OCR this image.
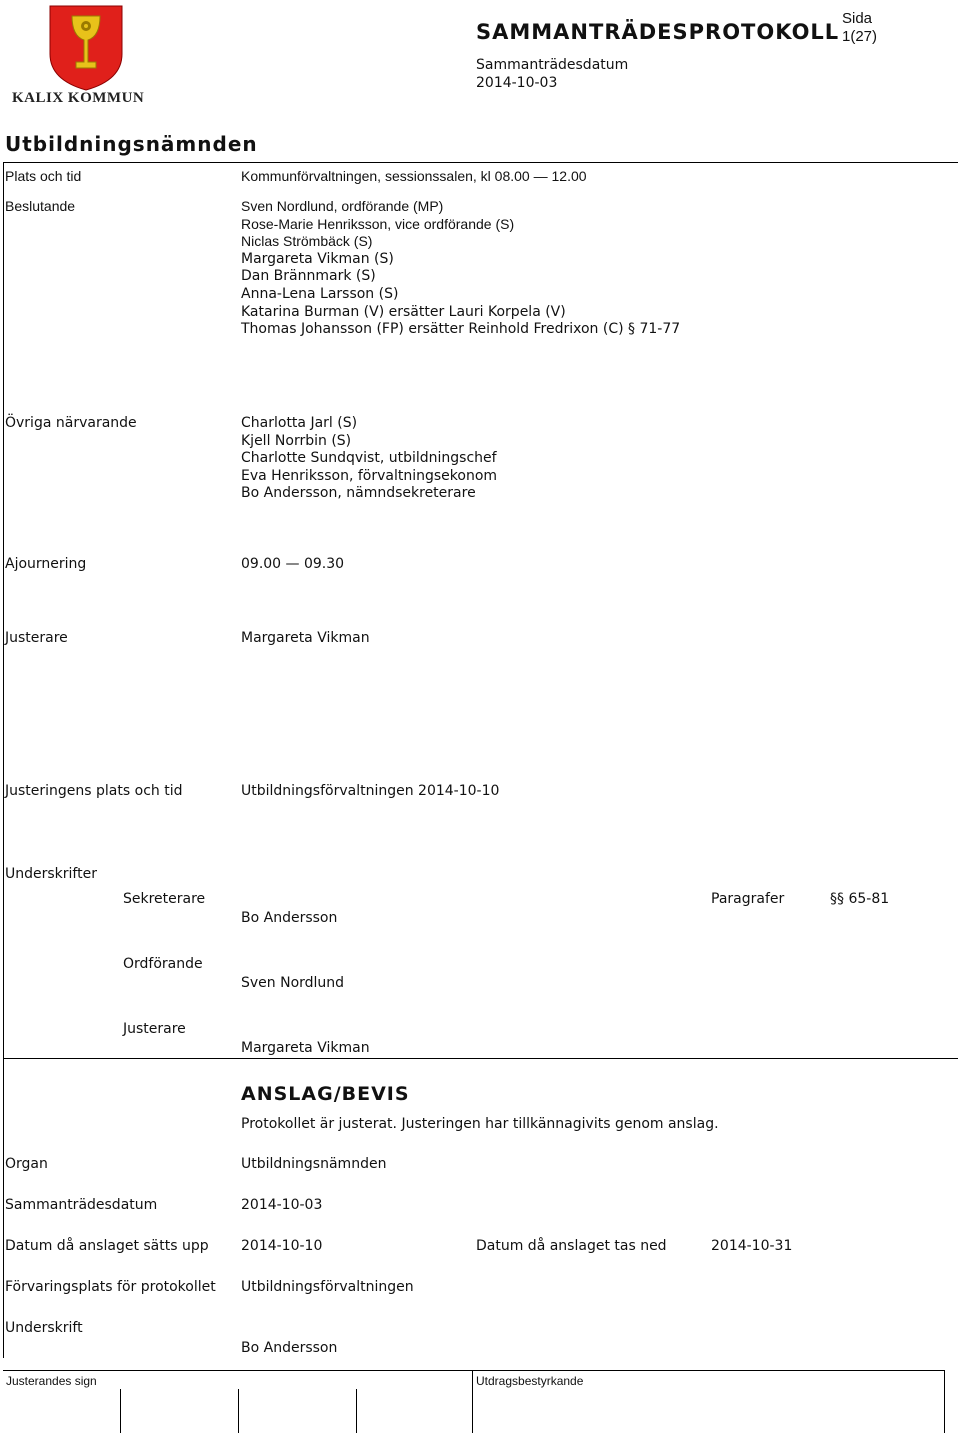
KALIX KOMMUN
SAMMANTRÄDESPROTOKOLL
Sammanträdesdatum
2014-10-03
Sida
1(27)
Utbildningsnämnden
Plats och tid	Kommunförvaltningen, sessionssalen, kl 08.00 — 12.00
Beslutande	Sven Nordlund, ordförande (MP)
Rose-Marie Henriksson, vice ordförande (S)
Niclas Strömbäck (S)
Margareta Vikman (S)
Dan Brännmark (S)
Anna-Lena Larsson (S)
Katarina Burman (V) ersätter Lauri Korpela (V)
Thomas Johansson (FP) ersätter Reinhold Fredrixon (C) § 71-77
Övriga närvarande	Charlotta Jarl (S)
Kjell Norrbin (S)
Charlotte Sundqvist, utbildningschef
Eva Henriksson, förvaltningsekonom
Bo Andersson, nämndsekreterare
Ajournering	09.00 — 09.30
Justerare	Margareta Vikman
Justeringens plats och tid	Utbildningsförvaltningen 2014-10-10
Underskrifter
Sekreterare
Bo Andersson
Paragrafer	§§ 65-81
Ordförande
Sven Nordlund
Justerare
Margareta Vikman
ANSLAG/BEVIS
Protokollet är justerat. Justeringen har tillkännagivits genom anslag.
Organ	Utbildningsnämnden
Sammanträdesdatum	2014-10-03
Datum då anslaget sätts upp 2014-10-10	Datum då anslaget tas ned	2014-10-31
Förvaringsplats för protokollet Utbildningsförvaltningen
Underskrift
Bo Andersson
Justerandes sign	Utdragsbestyrkande
